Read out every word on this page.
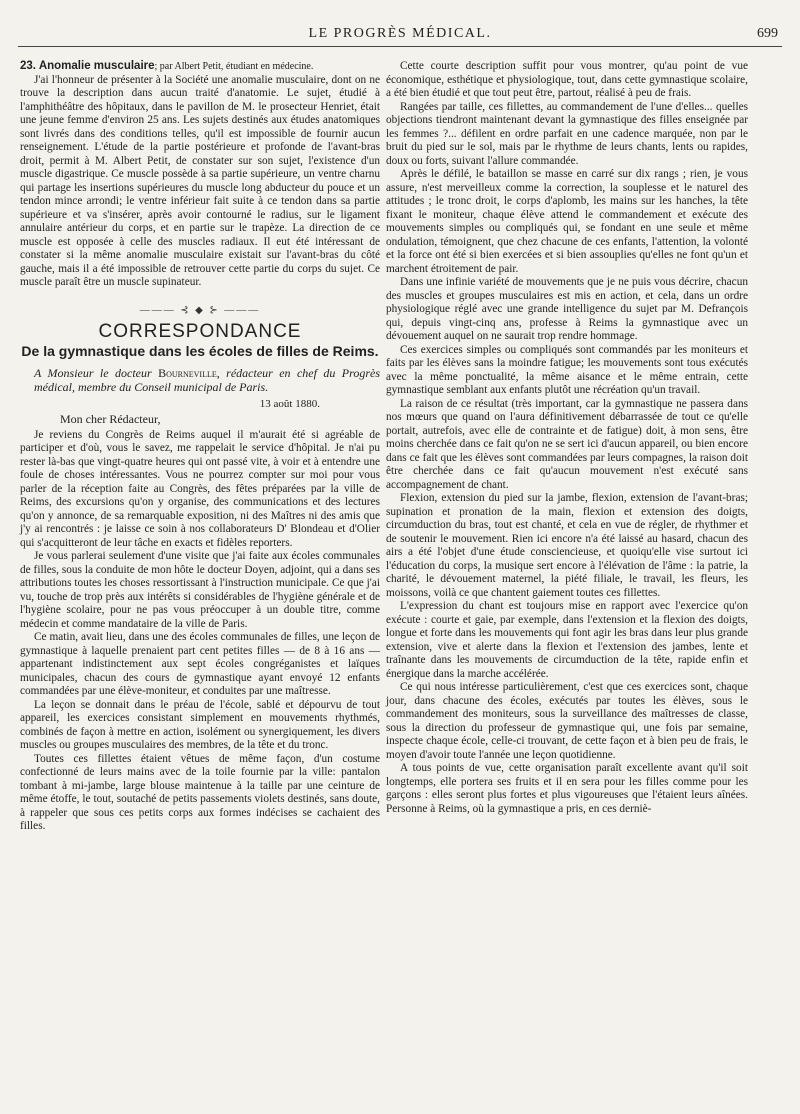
LE PROGRÈS MÉDICAL.	699

23. Anomalie musculaire; par Albert Petit, étudiant en médecine.

J'ai l'honneur de présenter à la Société une anomalie musculaire, dont on ne trouve la description dans aucun traité d'anatomie. Le sujet, étudié à l'amphithéâtre des hôpitaux, dans le pavillon de M. le prosecteur Henriet, était une jeune femme d'environ 25 ans. Les sujets destinés aux études anatomiques sont livrés dans des conditions telles, qu'il est impossible de fournir aucun renseignement. L'étude de la partie postérieure et profonde de l'avant-bras droit, permit à M. Albert Petit, de constater sur son sujet, l'existence d'un muscle digastrique. Ce muscle possède à sa partie supérieure, un ventre charnu qui partage les insertions supérieures du muscle long abducteur du pouce et un tendon mince arrondi; le ventre inférieur fait suite à ce tendon dans sa partie supérieure et va s'insérer, après avoir contourné le radius, sur le ligament annulaire antérieur du corps, et en partie sur le trapèze. La direction de ce muscle est opposée à celle des muscles radiaux. Il eut été intéressant de constater si la même anomalie musculaire existait sur l'avant-bras du côté gauche, mais il a été impossible de retrouver cette partie du corps du sujet. Ce muscle paraît être un muscle supinateur.

——— ⊰ ◆ ⊱ ———
CORRESPONDANCE
De la gymnastique dans les écoles de filles de Reims.
A Monsieur le docteur Bourneville, rédacteur en chef du Progrès médical, membre du Conseil municipal de Paris.
13 août 1880.
Mon cher Rédacteur,

Je reviens du Congrès de Reims auquel il m'aurait été si agréable de participer et d'où, vous le savez, me rappelait le service d'hôpital. Je n'ai pu rester là-bas que vingt-quatre heures qui ont passé vite, à voir et à entendre une foule de choses intéressantes. Vous ne pourrez compter sur moi pour vous parler de la réception faite au Congrès, des fêtes préparées par la ville de Reims, des excursions qu'on y organise, des communications et des lectures qu'on y annonce, de sa remarquable exposition, ni des Maîtres ni des amis que j'y ai rencontrés : je laisse ce soin à nos collaborateurs D' Blondeau et d'Olier qui s'acquitteront de leur tâche en exacts et fidèles reporters.

Je vous parlerai seulement d'une visite que j'ai faite aux écoles communales de filles, sous la conduite de mon hôte le docteur Doyen, adjoint, qui a dans ses attributions toutes les choses ressortissant à l'instruction municipale. Ce que j'ai vu, touche de trop près aux intérêts si considérables de l'hygiène générale et de l'hygiène scolaire, pour ne pas vous préoccuper à un double titre, comme médecin et comme mandataire de la ville de Paris.

Ce matin, avait lieu, dans une des écoles communales de filles, une leçon de gymnastique à laquelle prenaient part cent petites filles — de 8 à 16 ans — appartenant indistinctement aux sept écoles congréganistes et laïques municipales, chacun des cours de gymnastique ayant envoyé 12 enfants commandées par une élève-moniteur, et conduites par une maîtresse.

La leçon se donnait dans le préau de l'école, sablé et dépourvu de tout appareil, les exercices consistant simplement en mouvements rhythmés, combinés de façon à mettre en action, isolément ou synergiquement, les divers muscles ou groupes musculaires des membres, de la tête et du tronc.

Toutes ces fillettes étaient vêtues de même façon, d'un costume confectionné de leurs mains avec de la toile fournie par la ville: pantalon tombant à mi-jambe, large blouse maintenue à la taille par une ceinture de même étoffe, le tout, soutaché de petits passements violets destinés, sans doute, à rappeler que sous ces petits corps aux formes indécises se cachaient des filles.

Cette courte description suffit pour vous montrer, qu'au point de vue économique, esthétique et physiologique, tout, dans cette gymnastique scolaire, a été bien étudié et que tout peut être, partout, réalisé à peu de frais.

Rangées par taille, ces fillettes, au commandement de l'une d'elles... quelles objections tiendront maintenant devant la gymnastique des filles enseignée par les femmes ?... défilent en ordre parfait en une cadence marquée, non par le bruit du pied sur le sol, mais par le rhythme de leurs chants, lents ou rapides, doux ou forts, suivant l'allure commandée.

Après le défilé, le bataillon se masse en carré sur dix rangs ; rien, je vous assure, n'est merveilleux comme la correction, la souplesse et le naturel des attitudes ; le tronc droit, le corps d'aplomb, les mains sur les hanches, la tête fixant le moniteur, chaque élève attend le commandement et exécute des mouvements simples ou compliqués qui, se fondant en une seule et même ondulation, témoignent, que chez chacune de ces enfants, l'attention, la volonté et la force ont été si bien exercées et si bien assouplies qu'elles ne font qu'un et marchent étroitement de pair.

Dans une infinie variété de mouvements que je ne puis vous décrire, chacun des muscles et groupes musculaires est mis en action, et cela, dans un ordre physiologique réglé avec une grande intelligence du sujet par M. Defrançois qui, depuis vingt-cinq ans, professe à Reims la gymnastique avec un dévouement auquel on ne saurait trop rendre hommage.

Ces exercices simples ou compliqués sont commandés par les moniteurs et faits par les élèves sans la moindre fatigue; les mouvements sont tous exécutés avec la même ponctualité, la même aisance et le même entrain, cette gymnastique semblant aux enfants plutôt une récréation qu'un travail.

La raison de ce résultat (très important, car la gymnastique ne passera dans nos mœurs que quand on l'aura définitivement débarrassée de tout ce qu'elle portait, autrefois, avec elle de contrainte et de fatigue) doit, à mon sens, être moins cherchée dans ce fait qu'on ne se sert ici d'aucun appareil, ou bien encore dans ce fait que les élèves sont commandées par leurs compagnes, la raison doit être cherchée dans ce fait qu'aucun mouvement n'est exécuté sans accompagnement de chant.

Flexion, extension du pied sur la jambe, flexion, extension de l'avant-bras; supination et pronation de la main, flexion et extension des doigts, circumduction du bras, tout est chanté, et cela en vue de régler, de rhythmer et de soutenir le mouvement. Rien ici encore n'a été laissé au hasard, chacun des airs a été l'objet d'une étude consciencieuse, et quoiqu'elle vise surtout ici l'éducation du corps, la musique sert encore à l'élévation de l'âme : la patrie, la charité, le dévouement maternel, la piété filiale, le travail, les fleurs, les moissons, voilà ce que chantent gaiement toutes ces fillettes.

L'expression du chant est toujours mise en rapport avec l'exercice qu'on exécute : courte et gaie, par exemple, dans l'extension et la flexion des doigts, longue et forte dans les mouvements qui font agir les bras dans leur plus grande extension, vive et alerte dans la flexion et l'extension des jambes, lente et traînante dans les mouvements de circumduction de la tête, rapide enfin et énergique dans la marche accélérée.

Ce qui nous intéresse particulièrement, c'est que ces exercices sont, chaque jour, dans chacune des écoles, exécutés par toutes les élèves, sous le commandement des moniteurs, sous la surveillance des maîtresses de classe, sous la direction du professeur de gymnastique qui, une fois par semaine, inspecte chaque école, celle-ci trouvant, de cette façon et à bien peu de frais, le moyen d'avoir toute l'année une leçon quotidienne.

A tous points de vue, cette organisation paraît excellente avant qu'il soit longtemps, elle portera ses fruits et il en sera pour les filles comme pour les garçons : elles seront plus fortes et plus vigoureuses que l'étaient leurs aînées. Personne à Reims, où la gymnastique a pris, en ces derniè-
